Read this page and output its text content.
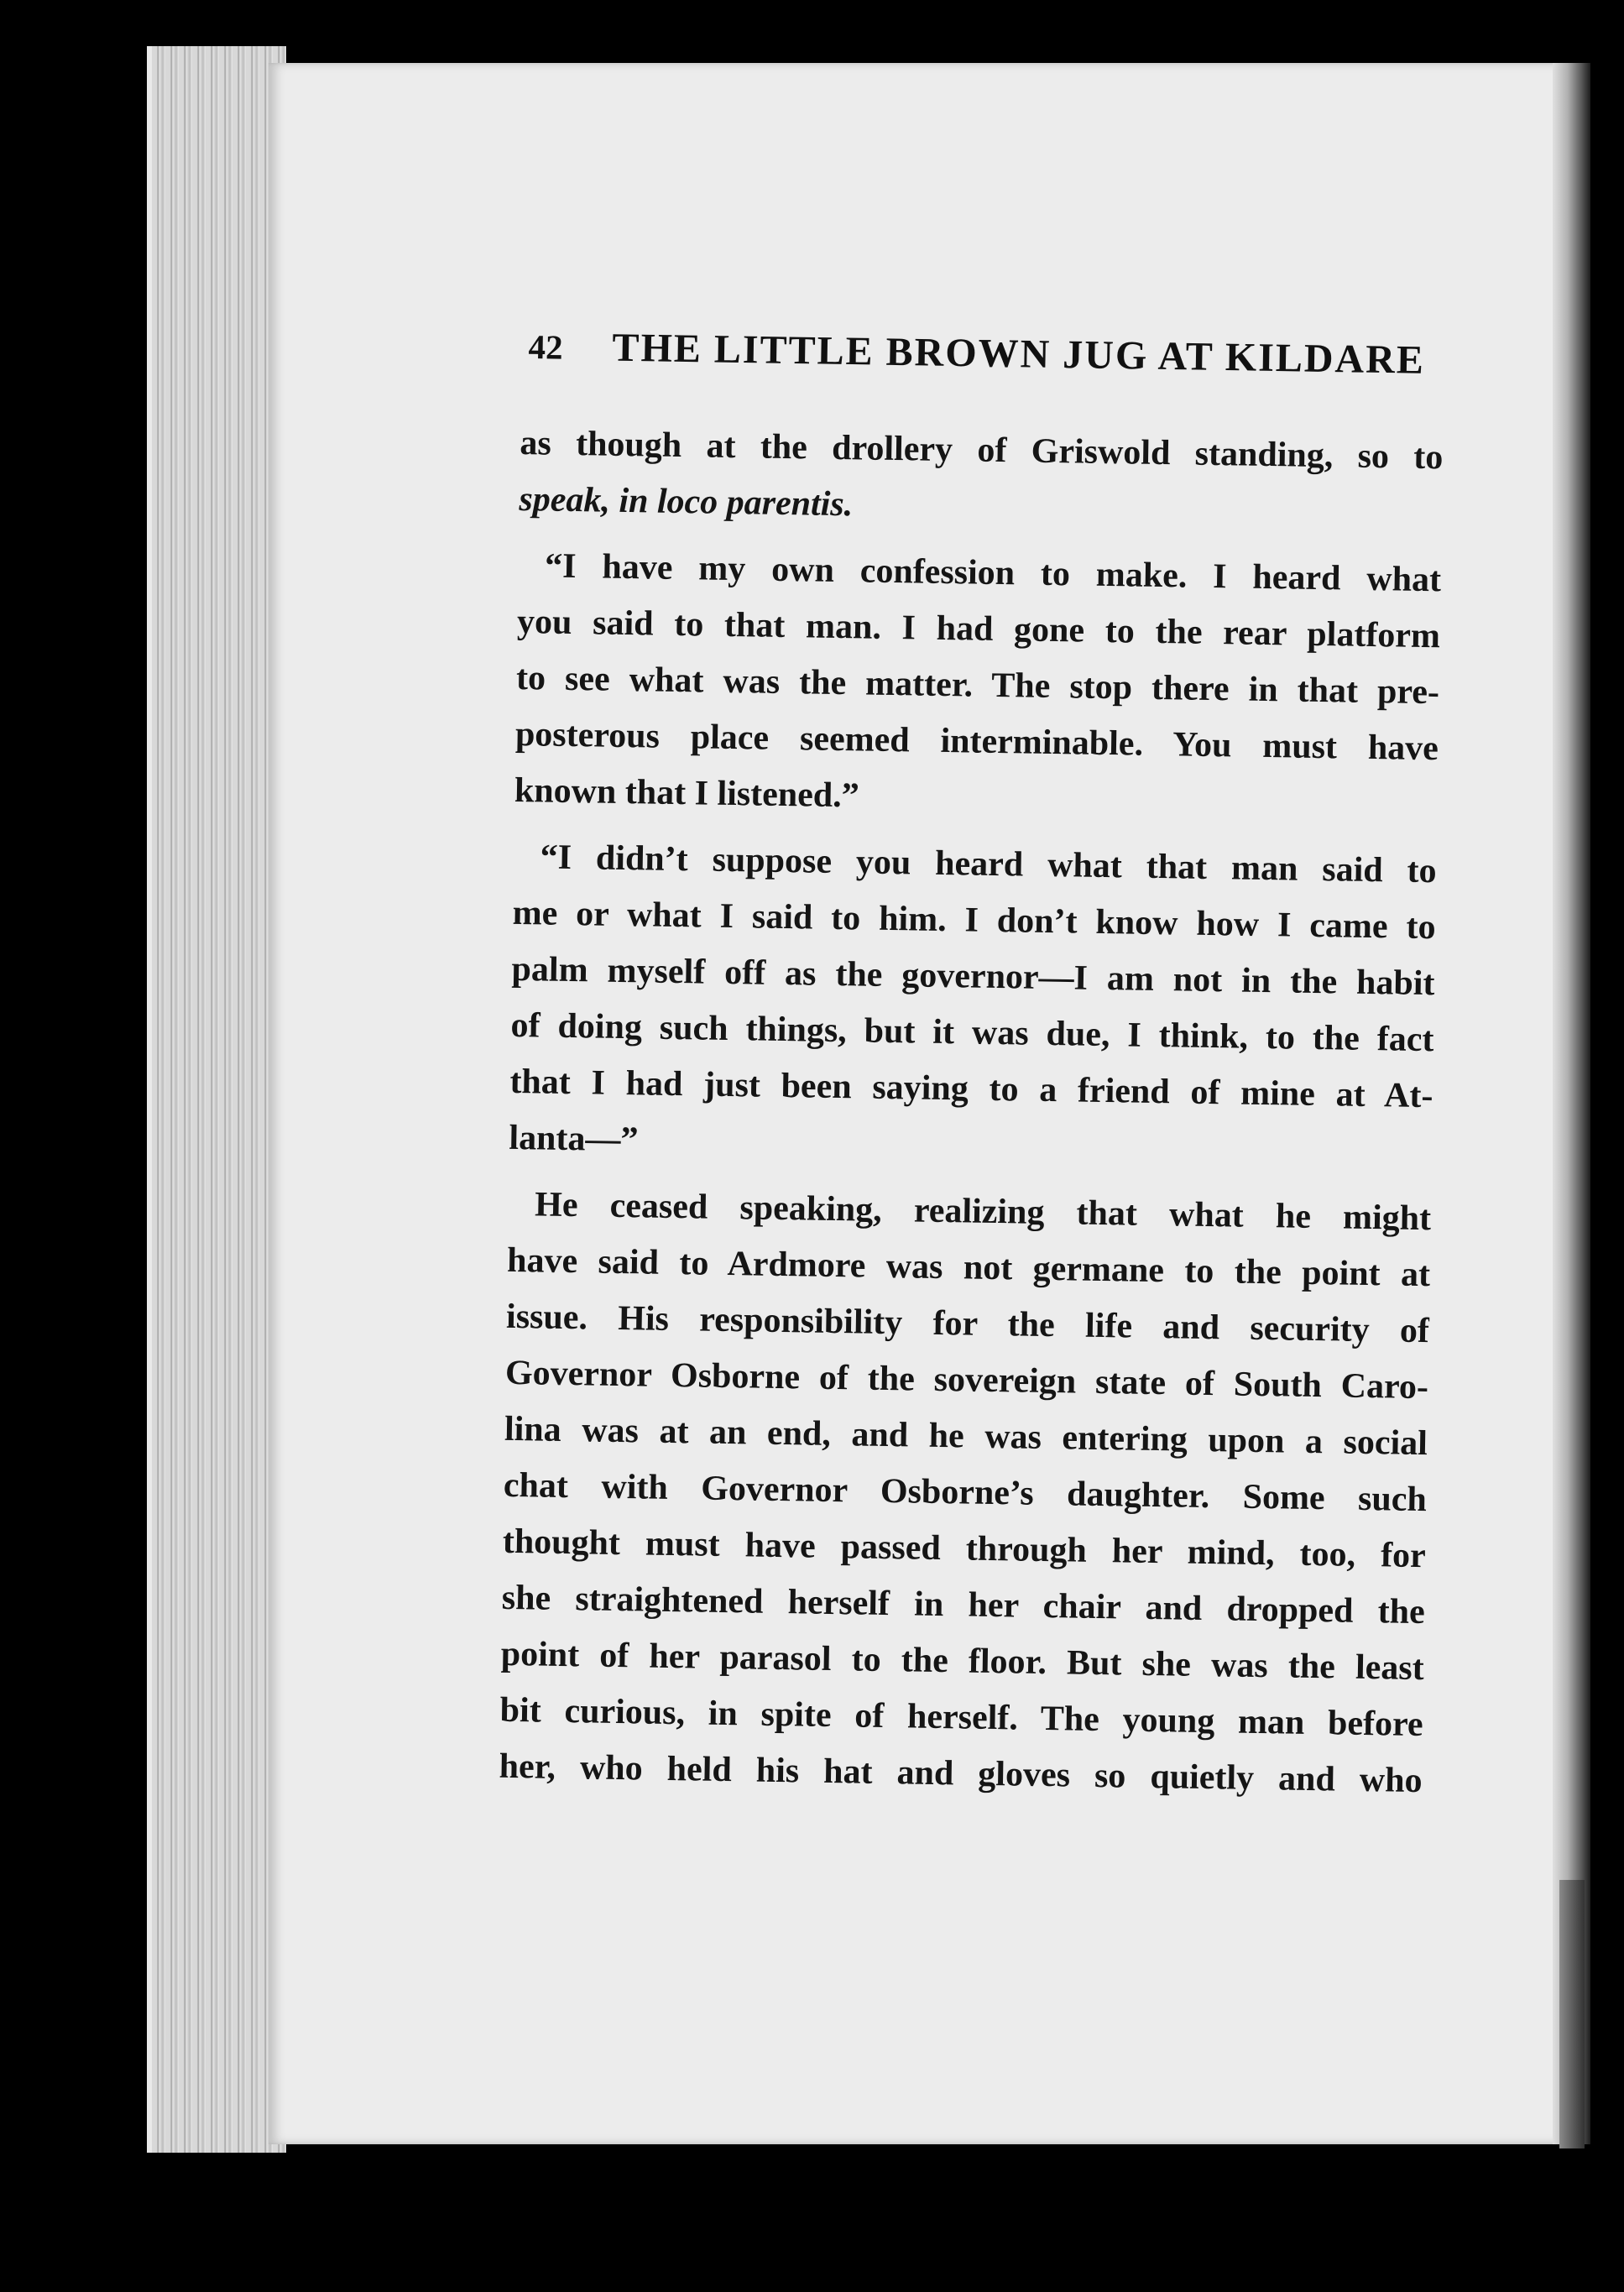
42 THE LITTLE BROWN JUG AT KILDARE
as though at the drollery of Griswold standing, so to
speak, in loco parentis.
“I have my own confession to make. I heard what
you said to that man. I had gone to the rear platform
to see what was the matter. The stop there in that pre-
posterous place seemed interminable. You must have
known that I listened.”
“I didn’t suppose you heard what that man said to
me or what I said to him. I don’t know how I came to
palm myself off as the governor—I am not in the habit
of doing such things, but it was due, I think, to the fact
that I had just been saying to a friend of mine at At-
lanta—”
He ceased speaking, realizing that what he might
have said to Ardmore was not germane to the point at
issue. His responsibility for the life and security of
Governor Osborne of the sovereign state of South Caro-
lina was at an end, and he was entering upon a social
chat with Governor Osborne’s daughter. Some such
thought must have passed through her mind, too, for
she straightened herself in her chair and dropped the
point of her parasol to the floor. But she was the least
bit curious, in spite of herself. The young man before
her, who held his hat and gloves so quietly and who
